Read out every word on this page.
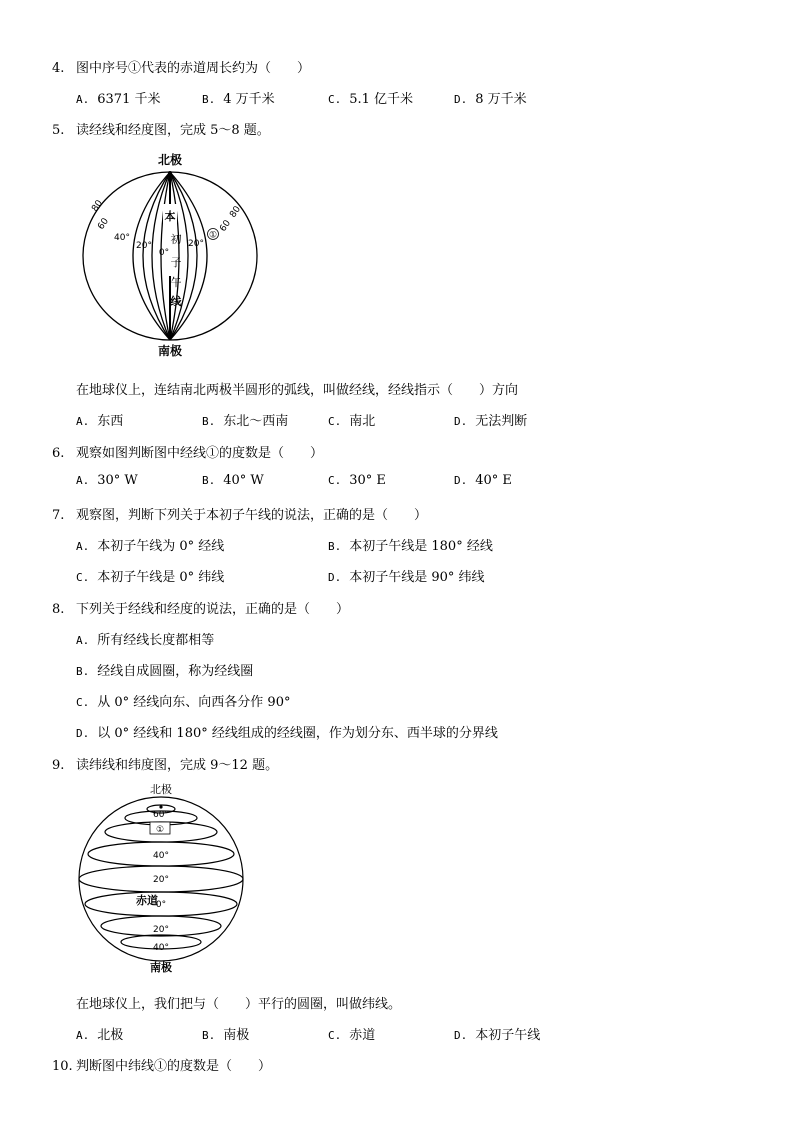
4. 图中序号①代表的赤道周长约为（　　）
A. 6371 千米	B. 4 万千米	C. 5.1 亿千米	D. 8 万千米
5. 读经线和经度图，完成 5～8 题。
北极
南极
本
初
子
午
线
0°
80
60
40°
20°	20°
①
60
80
在地球仪上，连结南北两极半圆形的弧线，叫做经线，经线指示（　　）方向
A. 东西	B. 东北～西南	C. 南北	D. 无法判断
6. 观察如图判断图中经线①的度数是（　　）
A. 30° W	B. 40° W	C. 30° E	D. 40° E
7. 观察图，判断下列关于本初子午线的说法，正确的是（　　）
A. 本初子午线为 0° 经线	B. 本初子午线是 180° 经线
C. 本初子午线是 0° 纬线	D. 本初子午线是 90° 纬线
8. 下列关于经线和经度的说法，正确的是（　　）
A. 所有经线长度都相等
B. 经线自成圆圈，称为经线圈
C. 从 0° 经线向东、向西各分作 90°
D. 以 0° 经线和 180° 经线组成的经线圈，作为划分东、西半球的分界线
9. 读纬线和纬度图，完成 9～12 题。
北极
南极
60°
①
40°
20°
赤道
0°
20°
40°
在地球仪上，我们把与（　　）平行的圆圈，叫做纬线。
A. 北极	B. 南极	C. 赤道	D. 本初子午线
10. 判断图中纬线①的度数是（　　）
